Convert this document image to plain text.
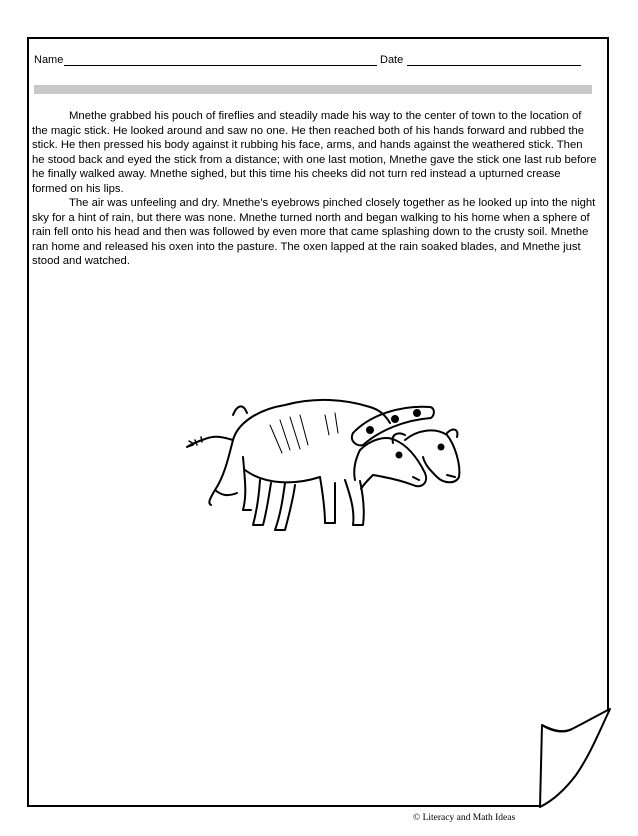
Name	Date

Mnethe grabbed his pouch of fireflies and steadily made his way to the center of town to the location of the magic stick. He looked around and saw no one. He then reached both of his hands forward and rubbed the stick. He then pressed his body against it rubbing his face, arms, and hands against the weathered stick. Then he stood back and eyed the stick from a distance; with one last motion, Mnethe gave the stick one last rub before he finally walked away. Mnethe sighed, but this time his cheeks did not turn red instead a upturned crease formed on his lips.

The air was unfeeling and dry. Mnethe's eyebrows pinched closely together as he looked up into the night sky for a hint of rain, but there was none. Mnethe turned north and began walking to his home when a sphere of rain fell onto his head and then was followed by even more that came splashing down to the crusty soil. Mnethe ran home and released his oxen into the pasture. The oxen lapped at the rain soaked blades, and Mnethe just stood and watched.

© Literacy and Math Ideas
